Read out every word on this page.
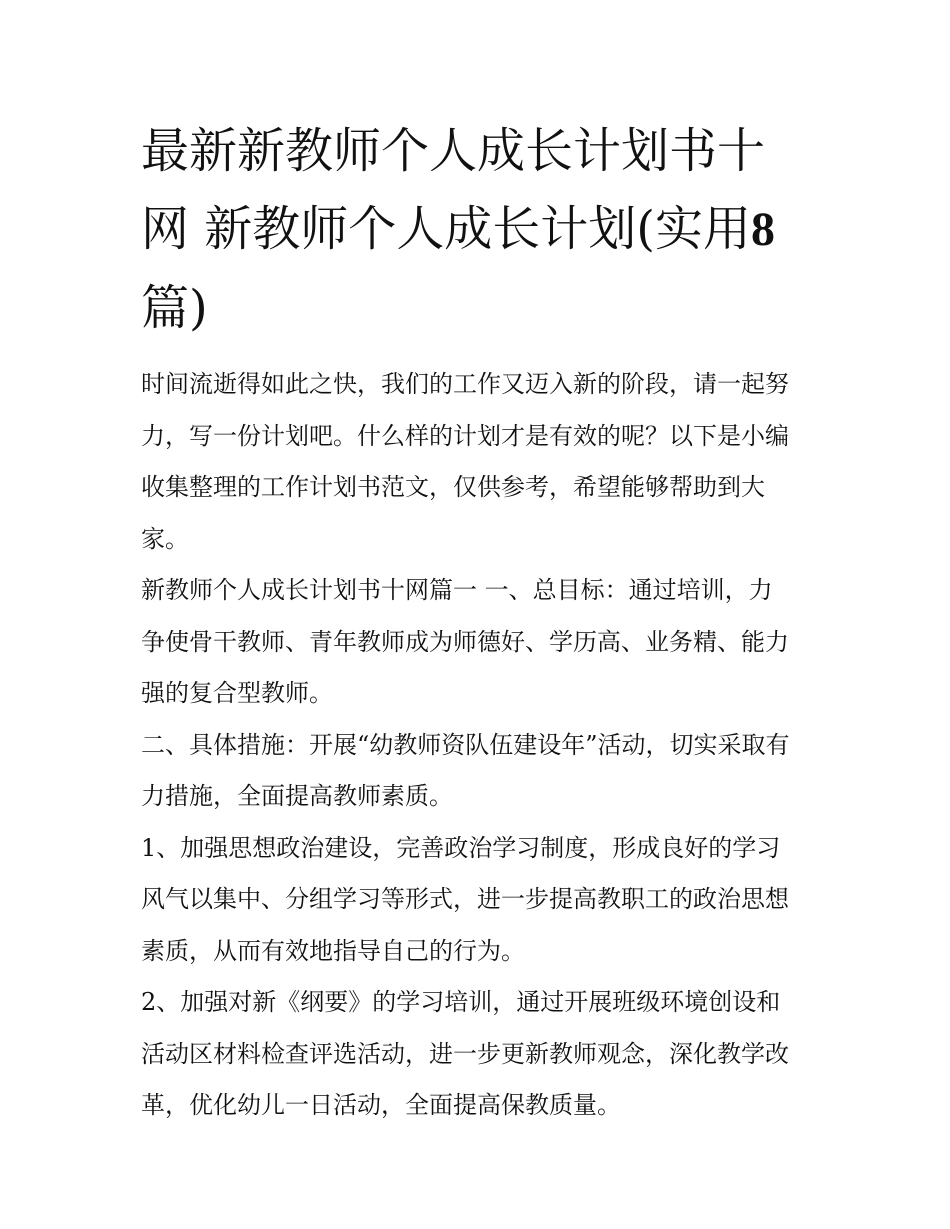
最新新教师个人成长计划书十
网 新教师个人成长计划(实用8
篇)

时间流逝得如此之快，我们的工作又迈入新的阶段，请一起努
力，写一份计划吧。什么样的计划才是有效的呢？以下是小编
收集整理的工作计划书范文，仅供参考，希望能够帮助到大
家。

新教师个人成长计划书十网篇一 一、总目标：通过培训，力
争使骨干教师、青年教师成为师德好、学历高、业务精、能力
强的复合型教师。

二、具体措施：开展“幼教师资队伍建设年”活动，切实采取有
力措施，全面提高教师素质。

1、加强思想政治建设，完善政治学习制度，形成良好的学习
风气以集中、分组学习等形式，进一步提高教职工的政治思想
素质，从而有效地指导自己的行为。

2、加强对新《纲要》的学习培训，通过开展班级环境创设和
活动区材料检查评选活动，进一步更新教师观念，深化教学改
革，优化幼儿一日活动，全面提高保教质量。
